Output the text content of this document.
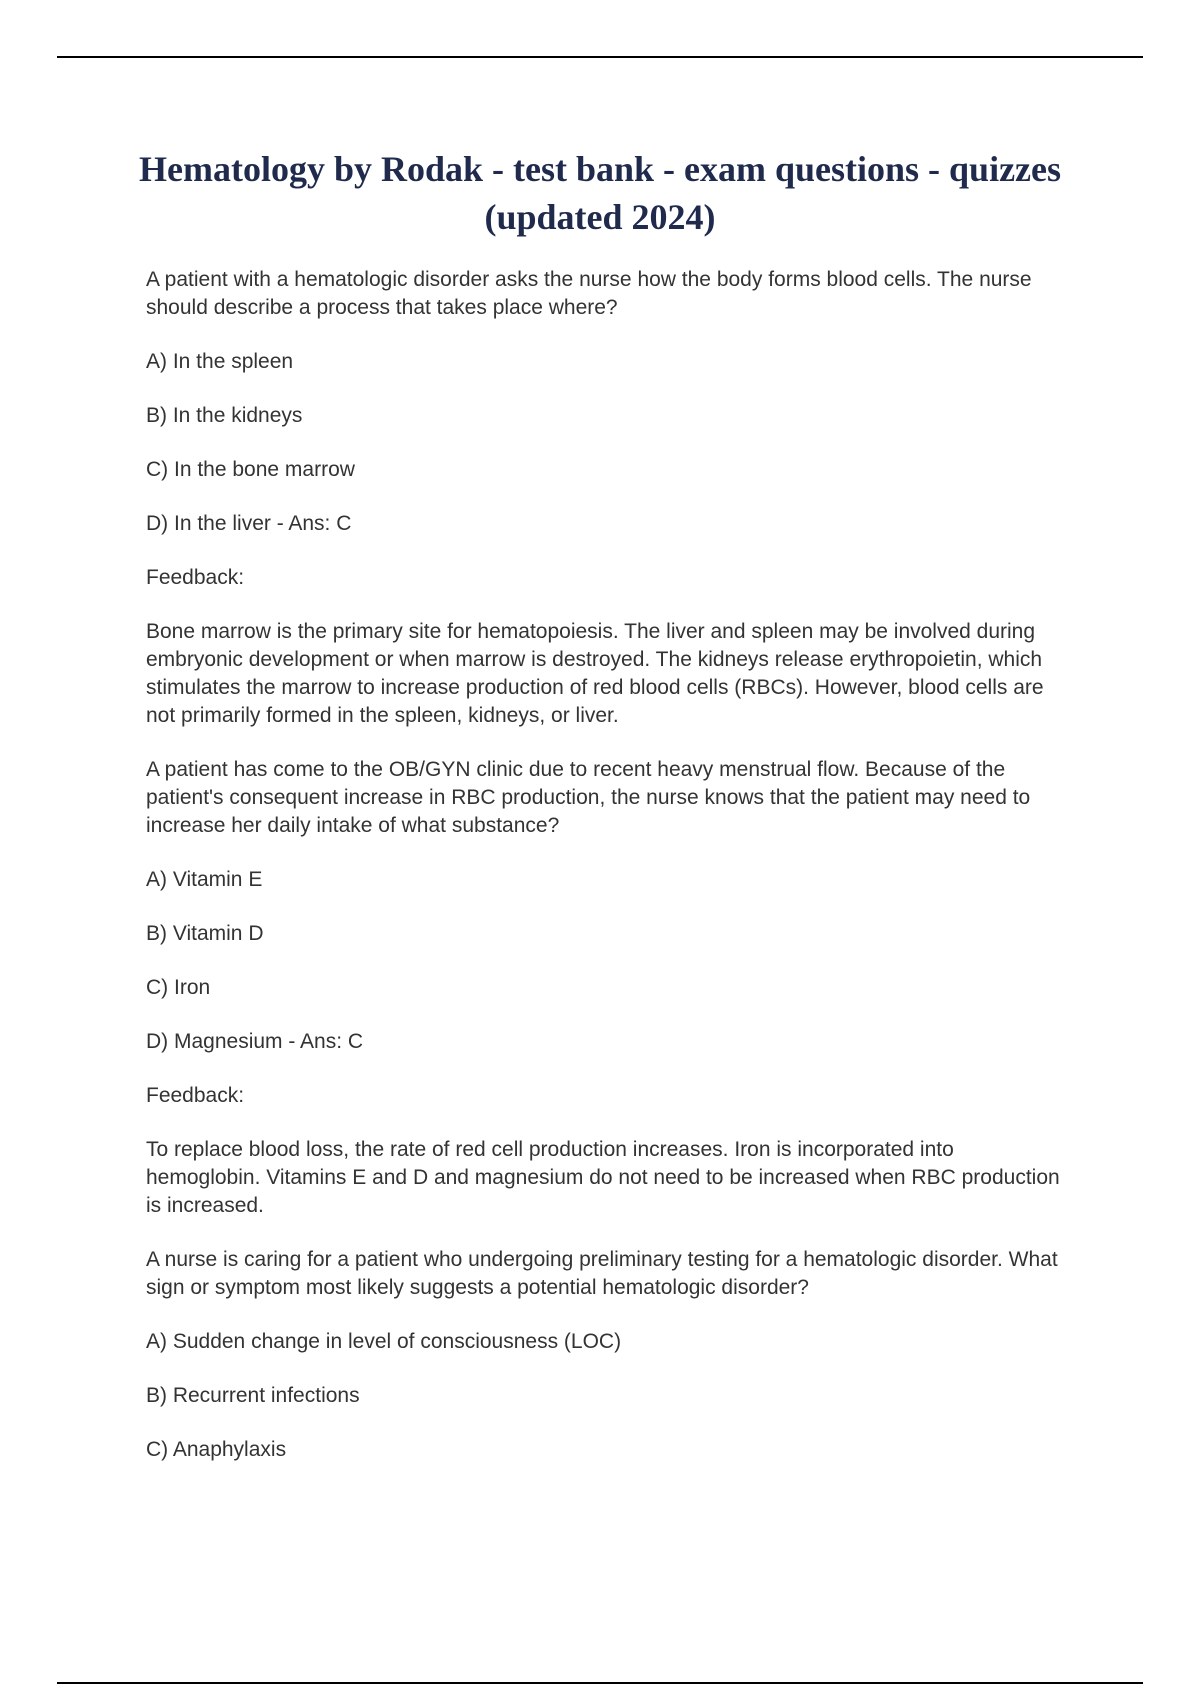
Hematology by Rodak - test bank - exam questions - quizzes (updated 2024)

A patient with a hematologic disorder asks the nurse how the body forms blood cells. The nurse should describe a process that takes place where?

A) In the spleen

B) In the kidneys

C) In the bone marrow

D) In the liver - Ans: C

Feedback:

Bone marrow is the primary site for hematopoiesis. The liver and spleen may be involved during embryonic development or when marrow is destroyed. The kidneys release erythropoietin, which stimulates the marrow to increase production of red blood cells (RBCs). However, blood cells are not primarily formed in the spleen, kidneys, or liver.

A patient has come to the OB/GYN clinic due to recent heavy menstrual flow. Because of the patient's consequent increase in RBC production, the nurse knows that the patient may need to increase her daily intake of what substance?

A) Vitamin E

B) Vitamin D

C) Iron

D) Magnesium - Ans: C

Feedback:

To replace blood loss, the rate of red cell production increases. Iron is incorporated into hemoglobin. Vitamins E and D and magnesium do not need to be increased when RBC production is increased.

A nurse is caring for a patient who undergoing preliminary testing for a hematologic disorder. What sign or symptom most likely suggests a potential hematologic disorder?

A) Sudden change in level of consciousness (LOC)

B) Recurrent infections

C) Anaphylaxis
